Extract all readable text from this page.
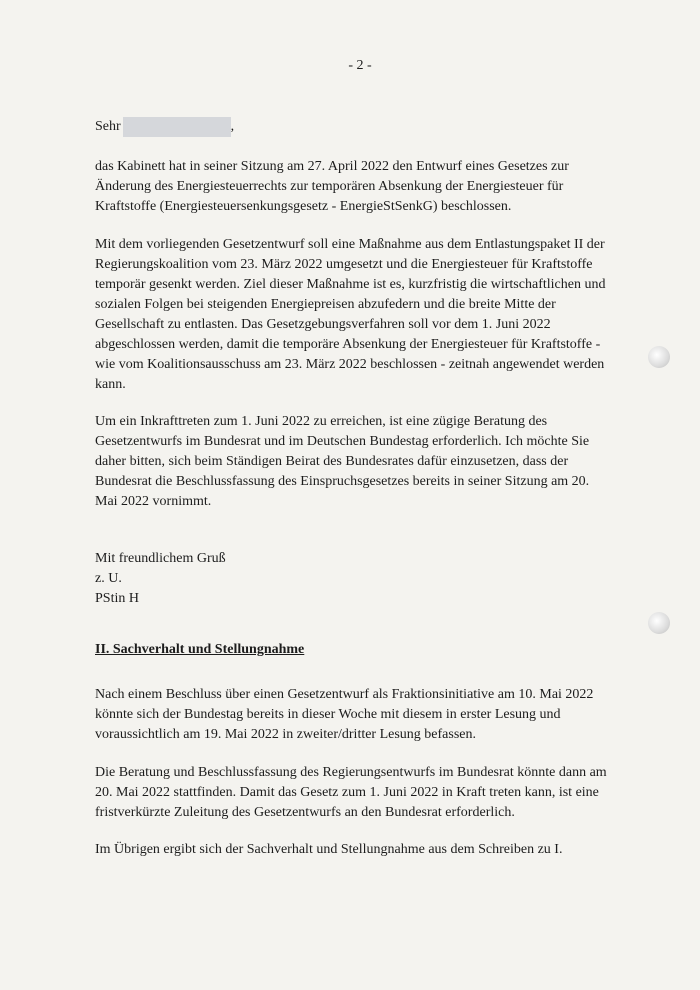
- 2 -
Sehr	,

das Kabinett hat in seiner Sitzung am 27. April 2022 den Entwurf eines Gesetzes zur Änderung des Energiesteuerrechts zur temporären Absenkung der Energiesteuer für Kraftstoffe (Energiesteuersenkungsgesetz - EnergieStSenkG) beschlossen.

Mit dem vorliegenden Gesetzentwurf soll eine Maßnahme aus dem Entlastungspaket II der Regierungskoalition vom 23. März 2022 umgesetzt und die Energiesteuer für Kraftstoffe temporär gesenkt werden. Ziel dieser Maßnahme ist es, kurzfristig die wirtschaftlichen und sozialen Folgen bei steigenden Energiepreisen abzufedern und die breite Mitte der Gesellschaft zu entlasten. Das Gesetzgebungsverfahren soll vor dem 1. Juni 2022 abgeschlossen werden, damit die temporäre Absenkung der Energiesteuer für Kraftstoffe - wie vom Koalitionsausschuss am 23. März 2022 beschlossen - zeitnah angewendet werden kann.

Um ein Inkrafttreten zum 1. Juni 2022 zu erreichen, ist eine zügige Beratung des Gesetzentwurfs im Bundesrat und im Deutschen Bundestag erforderlich. Ich möchte Sie daher bitten, sich beim Ständigen Beirat des Bundesrates dafür einzusetzen, dass der Bundesrat die Beschlussfassung des Einspruchsgesetzes bereits in seiner Sitzung am 20. Mai 2022 vornimmt.

Mit freundlichem Gruß
z. U.
PStin H

II. Sachverhalt und Stellungnahme

Nach einem Beschluss über einen Gesetzentwurf als Fraktionsinitiative am 10. Mai 2022 könnte sich der Bundestag bereits in dieser Woche mit diesem in erster Lesung und voraussichtlich am 19. Mai 2022 in zweiter/dritter Lesung befassen.

Die Beratung und Beschlussfassung des Regierungsentwurfs im Bundesrat könnte dann am 20. Mai 2022 stattfinden. Damit das Gesetz zum 1. Juni 2022 in Kraft treten kann, ist eine fristverkürzte Zuleitung des Gesetzentwurfs an den Bundesrat erforderlich.

Im Übrigen ergibt sich der Sachverhalt und Stellungnahme aus dem Schreiben zu I.
